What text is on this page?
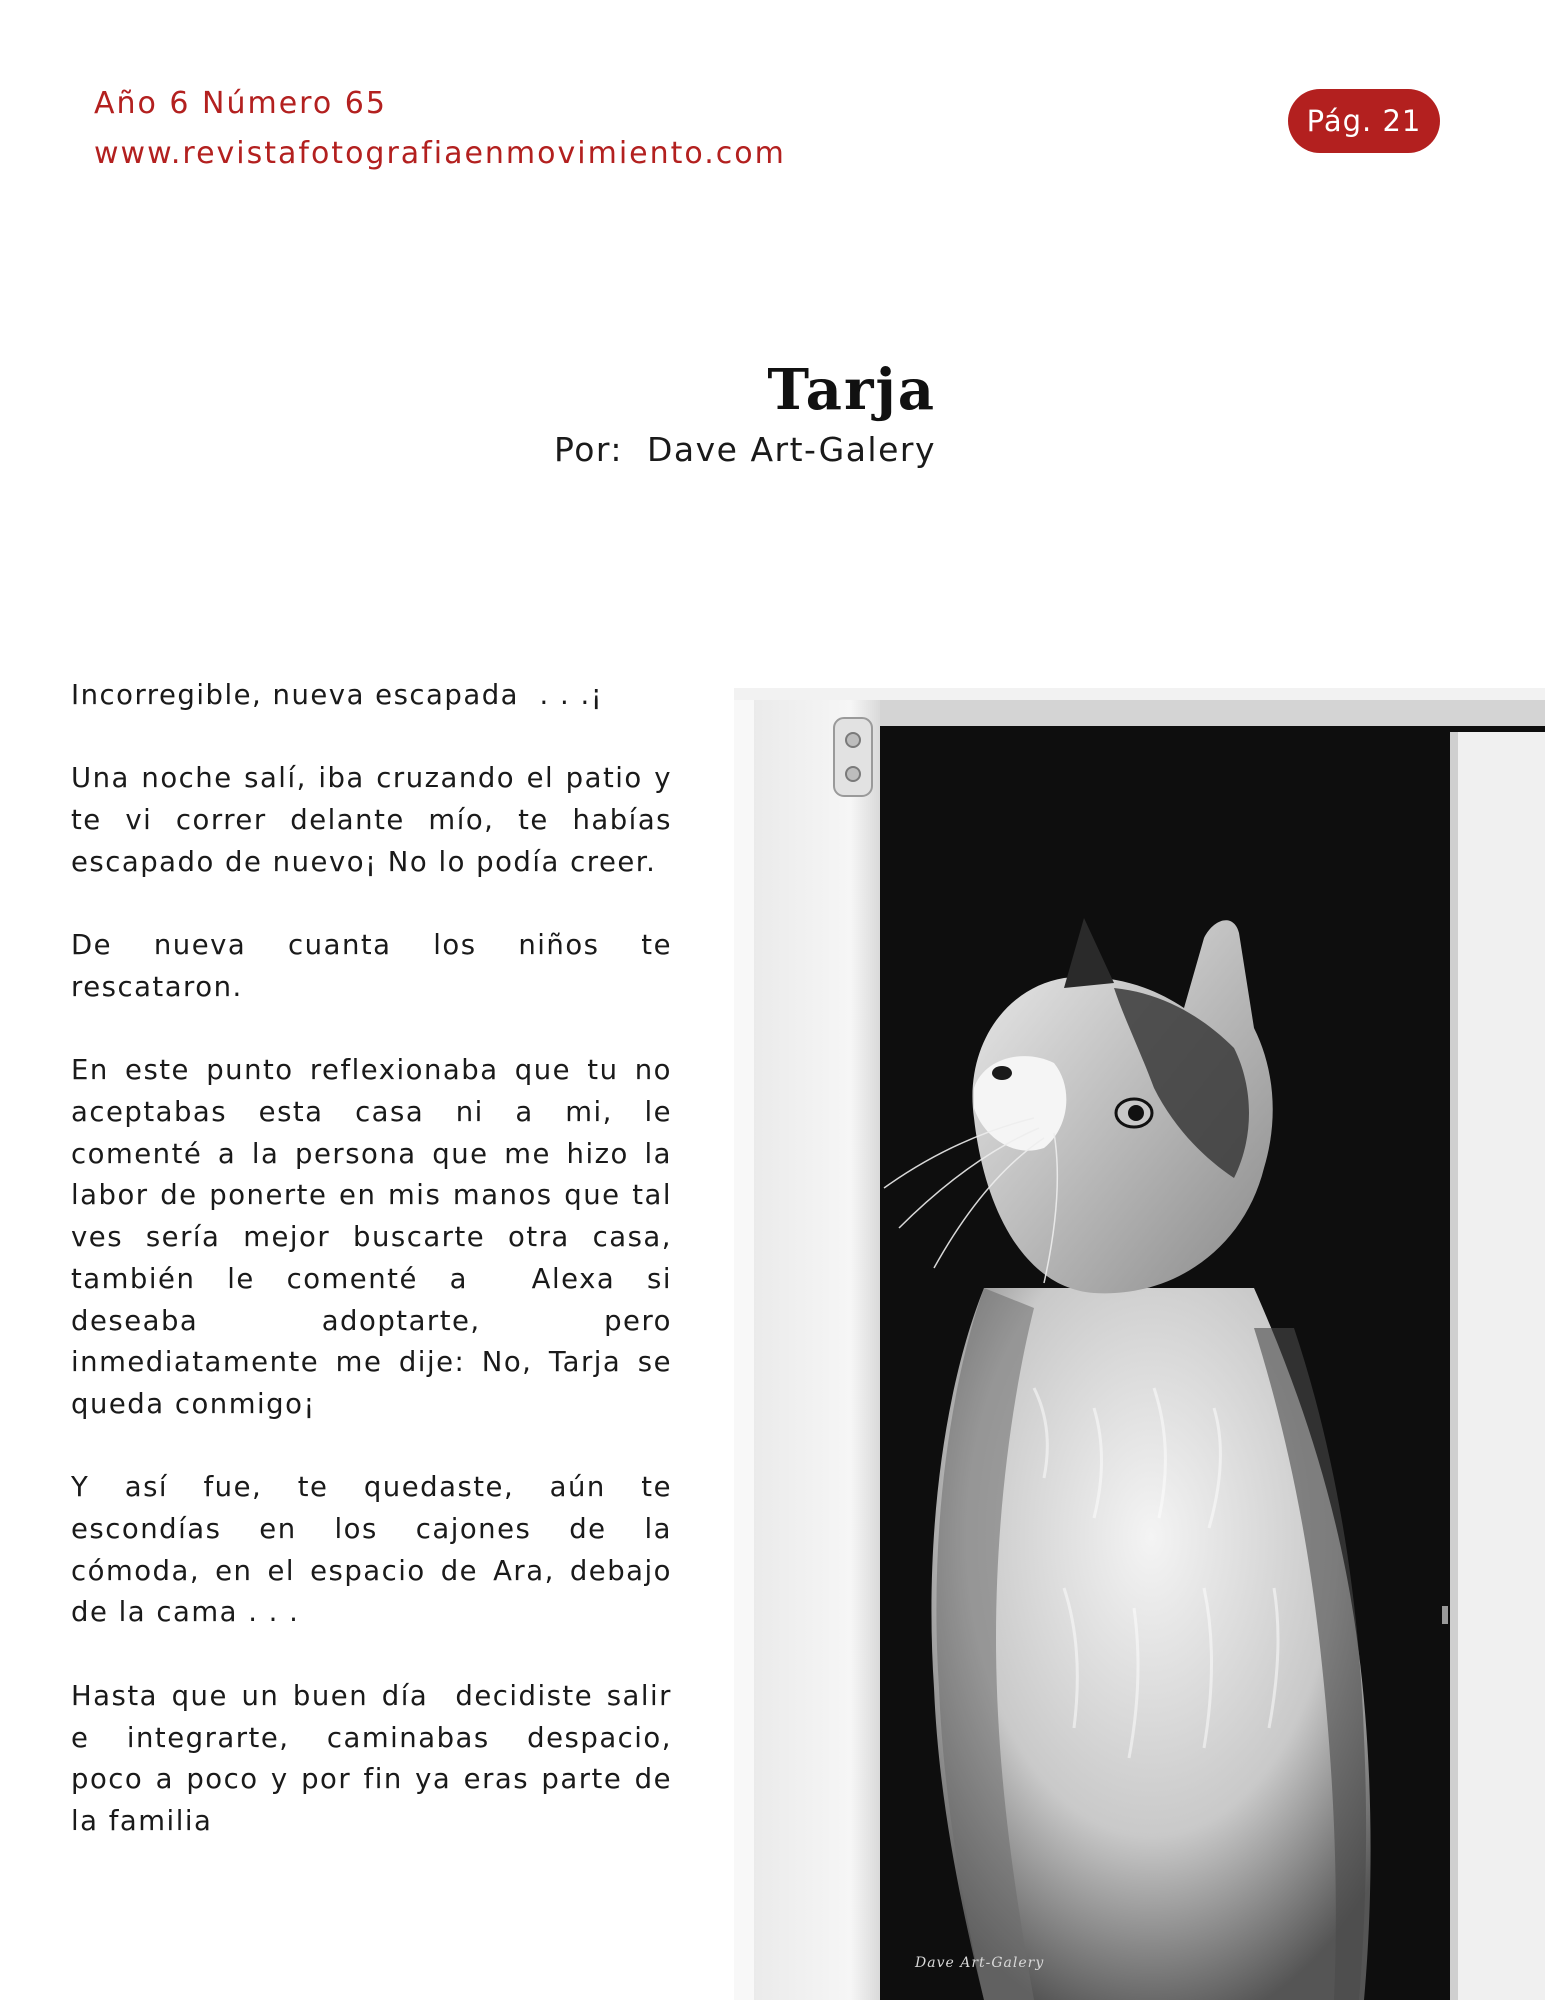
Año 6 Número 65
www.revistafotografiaenmovimiento.com
Pág. 21
Tarja
Por:  Dave Art-Galery

Incorregible, nueva escapada  . . .¡

Una noche salí, iba cruzando el patio y te vi correr delante mío, te habías escapado de nuevo¡ No lo podía creer.

De nueva cuanta los niños te rescataron.

En este punto reflexionaba que tu no aceptabas esta casa ni a mi, le comenté a la persona que me hizo la labor de ponerte en mis manos que tal ves sería mejor buscarte otra casa, también le comenté a  Alexa si deseaba adoptarte, pero inmediatamente me dije: No, Tarja se queda conmigo¡

Y así fue, te quedaste, aún te escondías en los cajones de la cómoda, en el espacio de Ara, debajo de la cama . . .

Hasta que un buen día  decidiste salir e integrarte, caminabas despacio, poco a poco y por fin ya eras parte de la familia

Dave Art-Galery
